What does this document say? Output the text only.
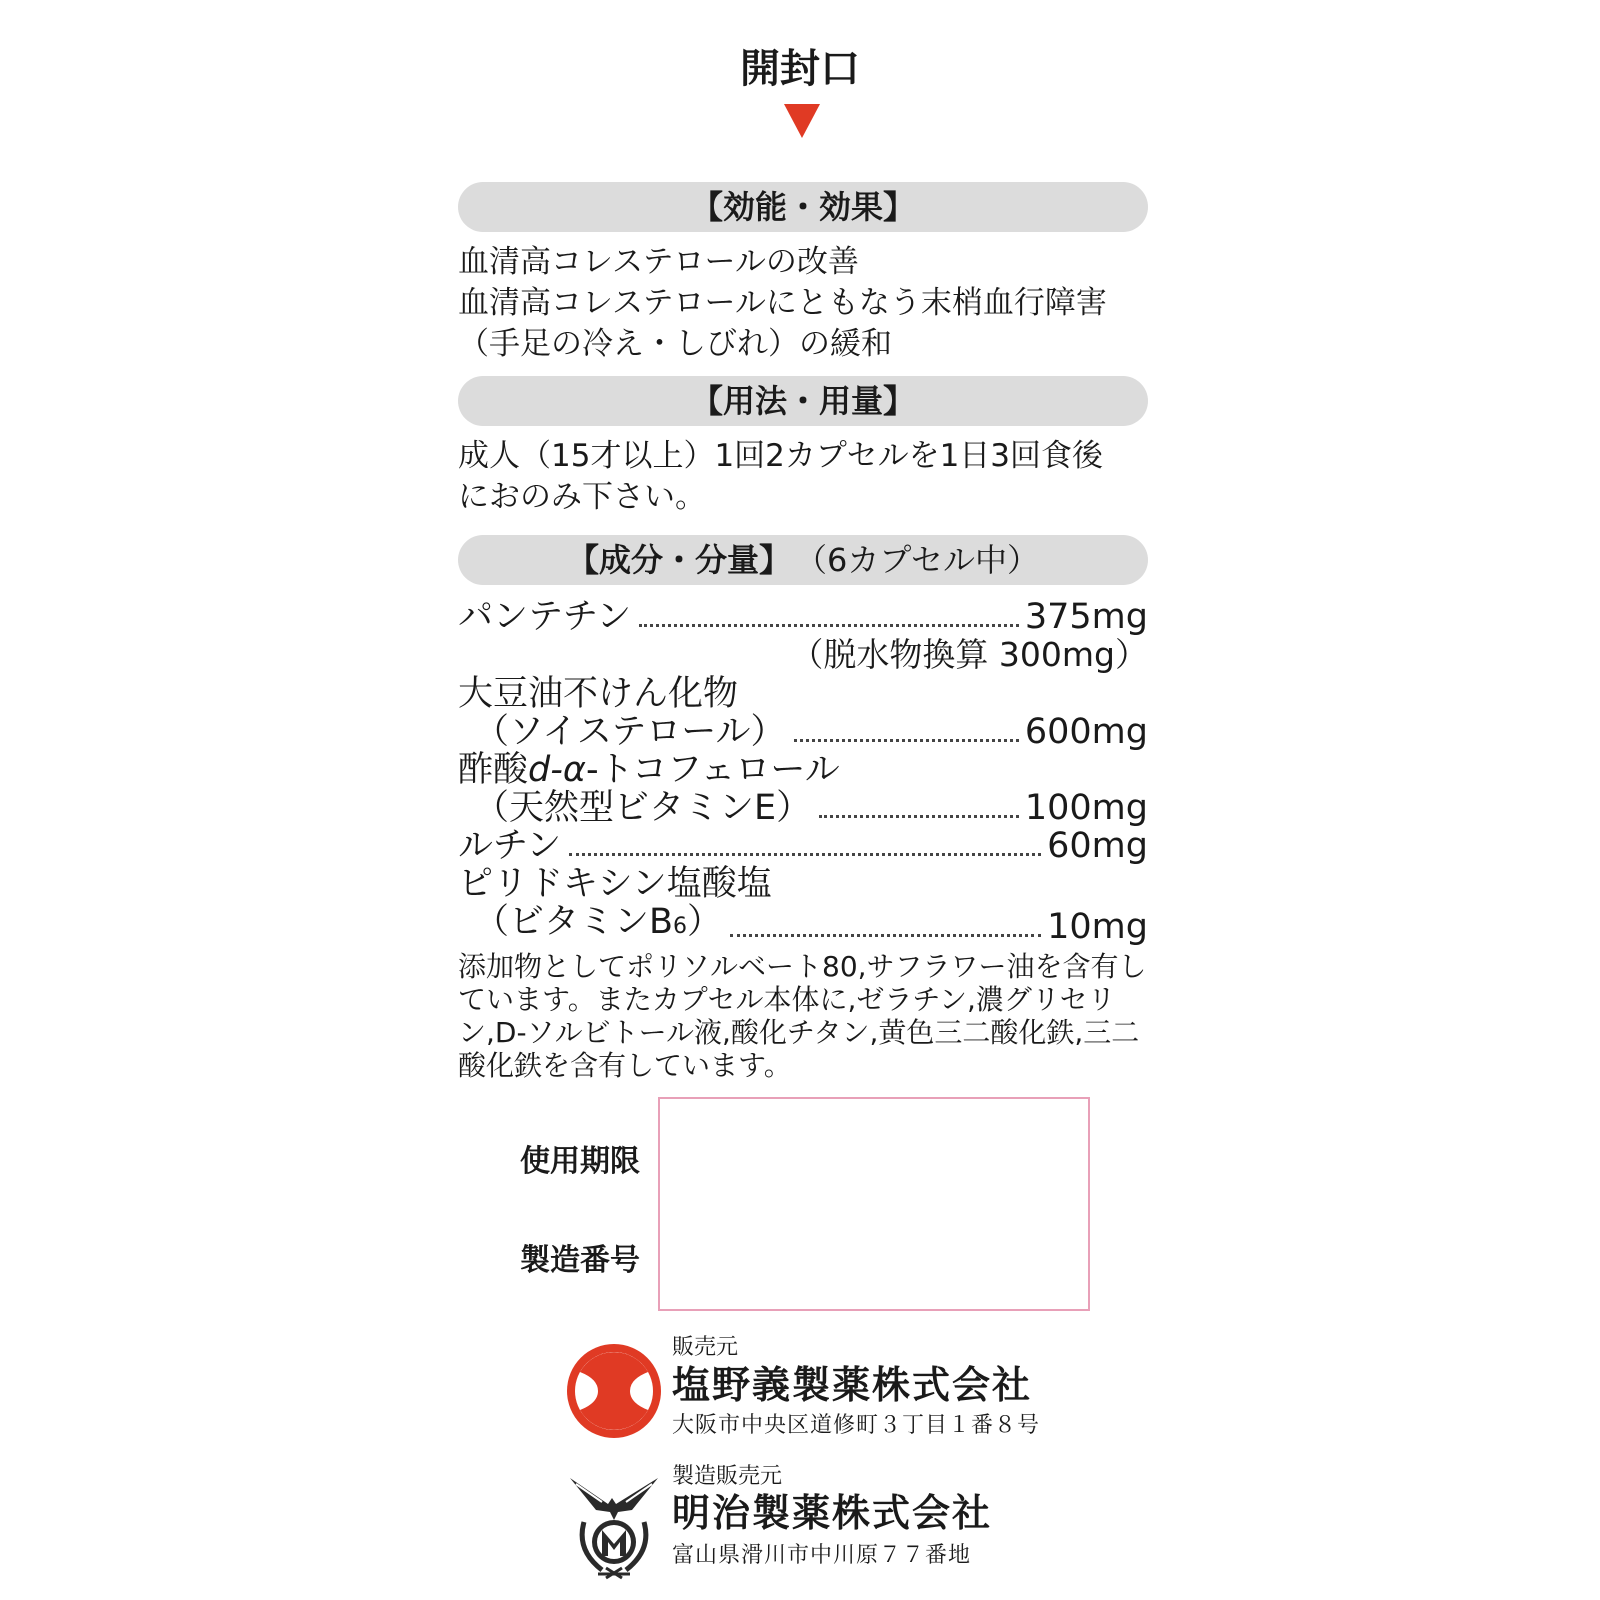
開封口
【効能・効果】
血清高コレステロールの改善
血清高コレステロールにともなう末梢血行障害
（手足の冷え・しびれ）の緩和
【用法・用量】
成人（15才以上）1回2カプセルを1日3回食後
におのみ下さい。
【成分・分量】 （6カプセル中）
パンテチン	375mg
（脱水物換算 300mg）
大豆油不けん化物
（ソイステロール）	600mg
酢酸d-α-トコフェロール
（天然型ビタミンE）	100mg
ルチン	60mg
ピリドキシン塩酸塩
（ビタミンB6）	10mg
添加物としてポリソルベート80,サフラワー油を含有しています。またカプセル本体に,ゼラチン,濃グリセリン,D-ソルビトール液,酸化チタン,黄色三二酸化鉄,三二酸化鉄を含有しています。
使用期限
製造番号
販売元
塩野義製薬株式会社
大阪市中央区道修町３丁目１番８号
製造販売元
明治製薬株式会社
富山県滑川市中川原７７番地
